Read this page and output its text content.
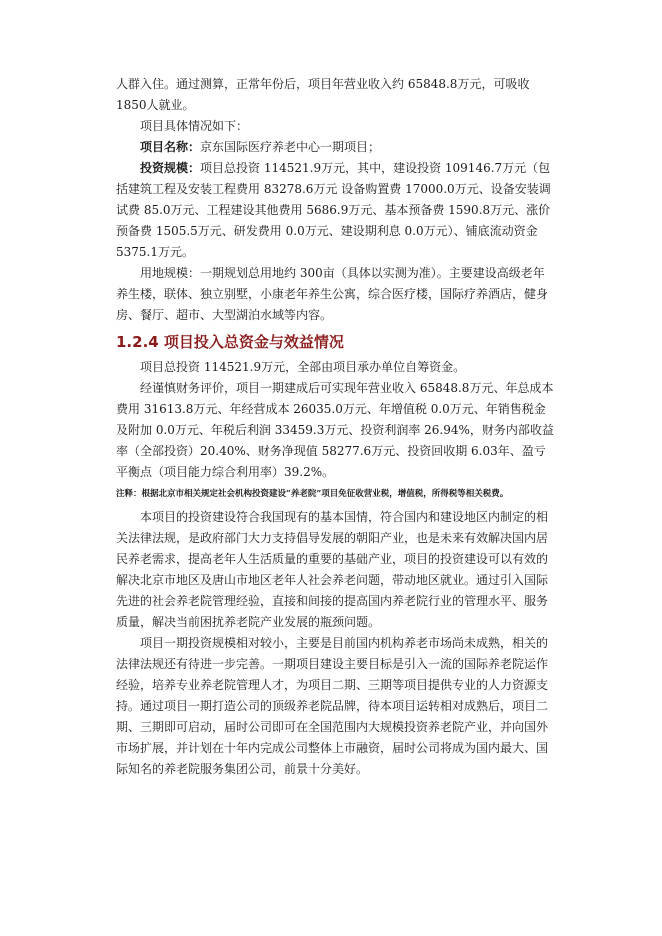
人群入住。通过测算，正常年份后，项目年营业收入约 65848.8万元，可吸收1850人就业。

项目具体情况如下：

项目名称：京东国际医疗养老中心一期项目；

投资规模：项目总投资 114521.9万元，其中，建设投资 109146.7万元（包括建筑工程及安装工程费用 83278.6万元 设备购置费 17000.0万元、设备安装调试费 85.0万元、工程建设其他费用 5686.9万元、基本预备费 1590.8万元、涨价预备费 1505.5万元、研发费用 0.0万元、建设期利息 0.0万元）、铺底流动资金 5375.1万元。

用地规模：一期规划总用地约 300亩（具体以实测为准）。主要建设高级老年养生楼，联体、独立别墅，小康老年养生公寓，综合医疗楼，国际疗养酒店，健身房、餐厅、超市、大型湖泊水域等内容。

1.2.4 项目投入总资金与效益情况

项目总投资 114521.9万元，全部由项目承办单位自筹资金。

经谨慎财务评价，项目一期建成后可实现年营业收入 65848.8万元、年总成本费用 31613.8万元、年经营成本 26035.0万元、年增值税 0.0万元、年销售税金及附加 0.0万元、年税后利润 33459.3万元、投资利润率 26.94%，财务内部收益率（全部投资）20.40%、财务净现值 58277.6万元、投资回收期 6.03年、盈亏平衡点（项目能力综合利用率）39.2%。

注释：根据北京市相关规定社会机构投资建设“养老院”项目免征收营业税，增值税，所得税等相关税费。

本项目的投资建设符合我国现有的基本国情，符合国内和建设地区内制定的相关法律法规，是政府部门大力支持倡导发展的朝阳产业，也是未来有效解决国内居民养老需求，提高老年人生活质量的重要的基础产业，项目的投资建设可以有效的解决北京市地区及唐山市地区老年人社会养老问题，带动地区就业。通过引入国际先进的社会养老院管理经验，直接和间接的提高国内养老院行业的管理水平、服务质量，解决当前困扰养老院产业发展的瓶颈问题。

项目一期投资规模相对较小，主要是目前国内机构养老市场尚未成熟，相关的法律法规还有待进一步完善。一期项目建设主要目标是引入一流的国际养老院运作经验，培养专业养老院管理人才，为项目二期、三期等项目提供专业的人力资源支持。通过项目一期打造公司的顶级养老院品牌，待本项目运转相对成熟后，项目二期、三期即可启动，届时公司即可在全国范围内大规模投资养老院产业，并向国外市场扩展，并计划在十年内完成公司整体上市融资，届时公司将成为国内最大、国际知名的养老院服务集团公司，前景十分美好。
